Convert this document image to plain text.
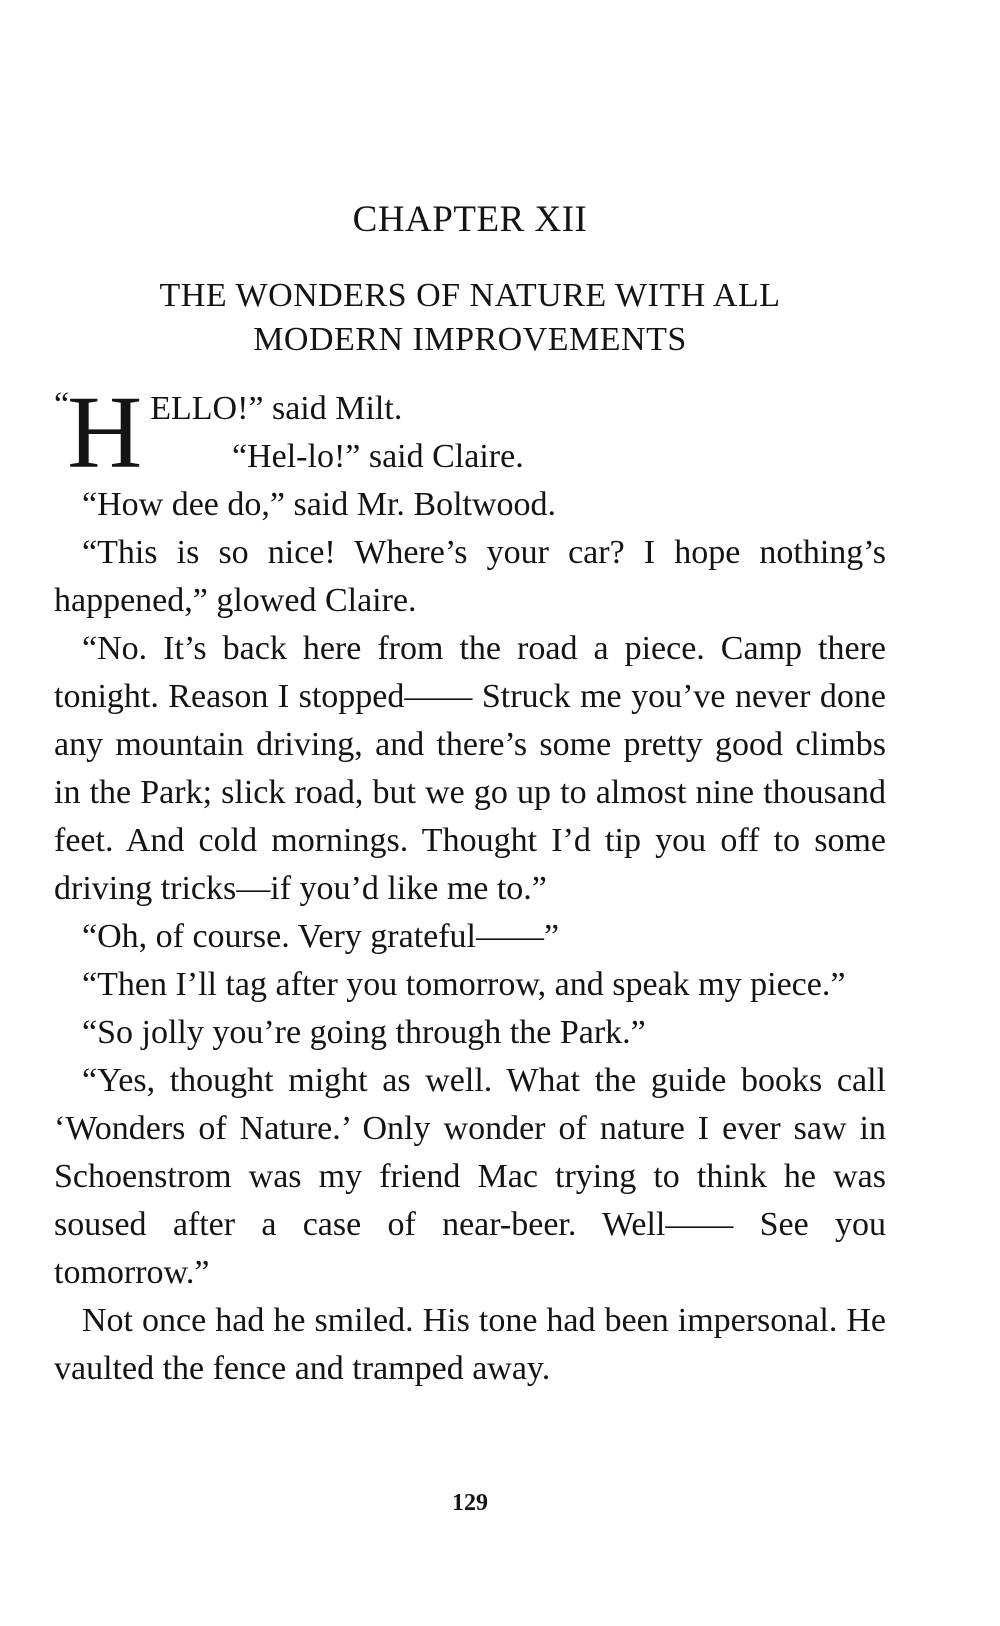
CHAPTER XII
THE WONDERS OF NATURE WITH ALL
MODERN IMPROVEMENTS

“
H ELLO!” said Milt.

“Hel-lo!” said Claire.

“How dee do,” said Mr. Boltwood.

“This is so nice! Where’s your car? I hope nothing’s happened,” glowed Claire.

“No. It’s back here from the road a piece. Camp there tonight. Reason I stopped—— Struck me you’ve never done any mountain driving, and there’s some pretty good climbs in the Park; slick road, but we go up to almost nine thousand feet. And cold mornings. Thought I’d tip you off to some driving tricks—if you’d like me to.”

“Oh, of course. Very grateful——”

“Then I’ll tag after you tomorrow, and speak my piece.”

“So jolly you’re going through the Park.”

“Yes, thought might as well. What the guide books call ‘Wonders of Nature.’ Only wonder of nature I ever saw in Schoenstrom was my friend Mac trying to think he was soused after a case of near-beer. Well—— See you tomorrow.”

Not once had he smiled. His tone had been impersonal. He vaulted the fence and tramped away.

129
